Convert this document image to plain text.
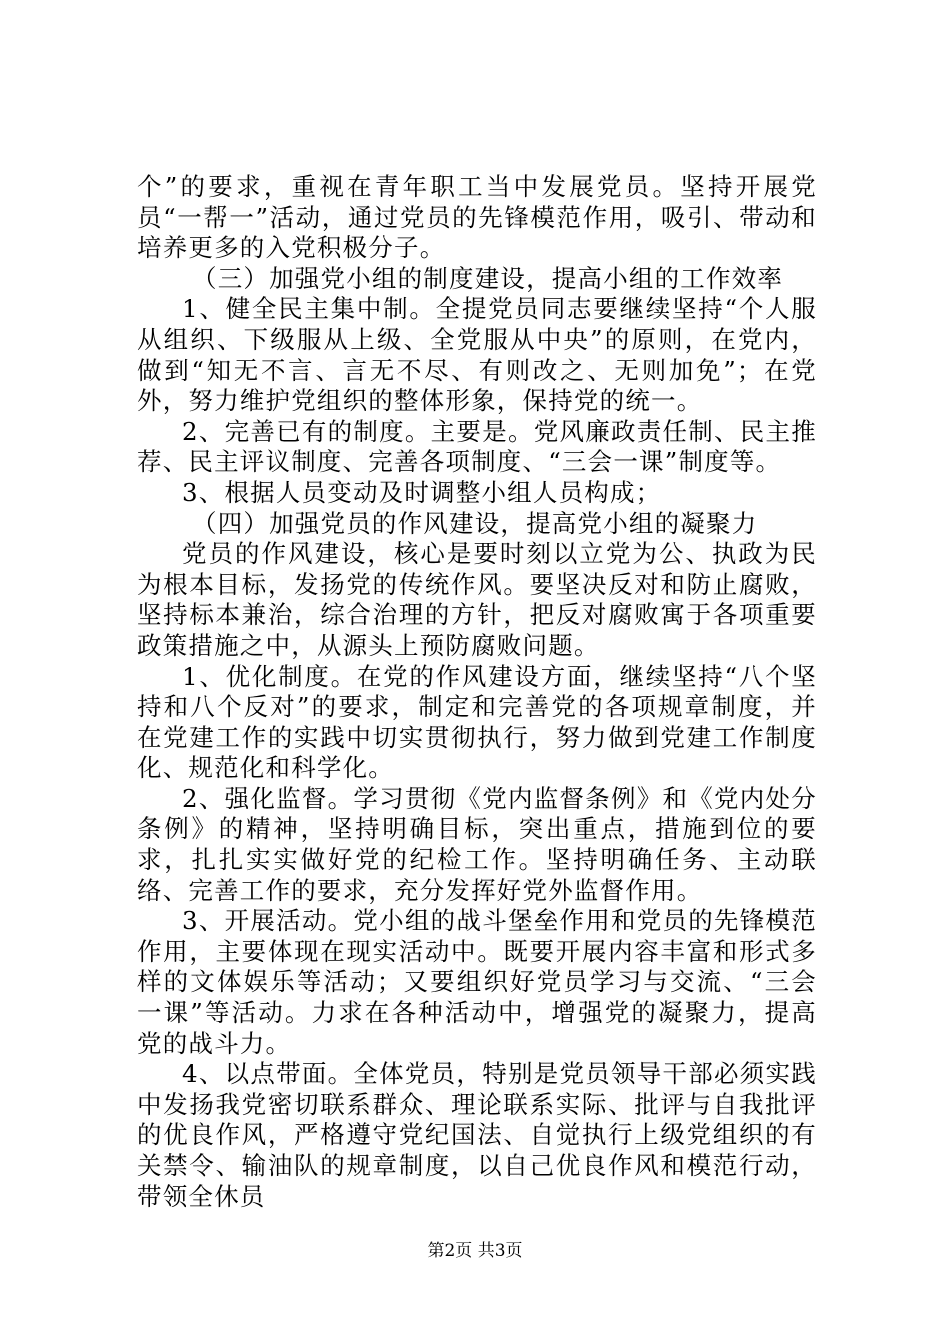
个”的要求，重视在青年职工当中发展党员。坚持开展党员“一帮一”活动，通过党员的先锋模范作用，吸引、带动和培养更多的入党积极分子。

（三）加强党小组的制度建设，提高小组的工作效率

1、健全民主集中制。全提党员同志要继续坚持“个人服从组织、下级服从上级、全党服从中央”的原则，在党内，做到“知无不言、言无不尽、有则改之、无则加免”；在党外，努力维护党组织的整体形象，保持党的统一。

2、完善已有的制度。主要是。党风廉政责任制、民主推荐、民主评议制度、完善各项制度、“三会一课”制度等。

3、根据人员变动及时调整小组人员构成；

（四）加强党员的作风建设，提高党小组的凝聚力

党员的作风建设，核心是要时刻以立党为公、执政为民为根本目标，发扬党的传统作风。要坚决反对和防止腐败，坚持标本兼治，综合治理的方针，把反对腐败寓于各项重要政策措施之中，从源头上预防腐败问题。

1、优化制度。在党的作风建设方面，继续坚持“八个坚持和八个反对”的要求，制定和完善党的各项规章制度，并在党建工作的实践中切实贯彻执行，努力做到党建工作制度化、规范化和科学化。

2、强化监督。学习贯彻《党内监督条例》和《党内处分条例》的精神，坚持明确目标，突出重点，措施到位的要求，扎扎实实做好党的纪检工作。坚持明确任务、主动联络、完善工作的要求，充分发挥好党外监督作用。

3、开展活动。党小组的战斗堡垒作用和党员的先锋模范作用，主要体现在现实活动中。既要开展内容丰富和形式多样的文体娱乐等活动；又要组织好党员学习与交流、“三会一课”等活动。力求在各种活动中，增强党的凝聚力，提高党的战斗力。

4、以点带面。全体党员，特别是党员领导干部必须实践中发扬我党密切联系群众、理论联系实际、批评与自我批评的优良作风，严格遵守党纪国法、自觉执行上级党组织的有关禁令、输油队的规章制度，以自己优良作风和模范行动，带领全休员

第2页 共3页
